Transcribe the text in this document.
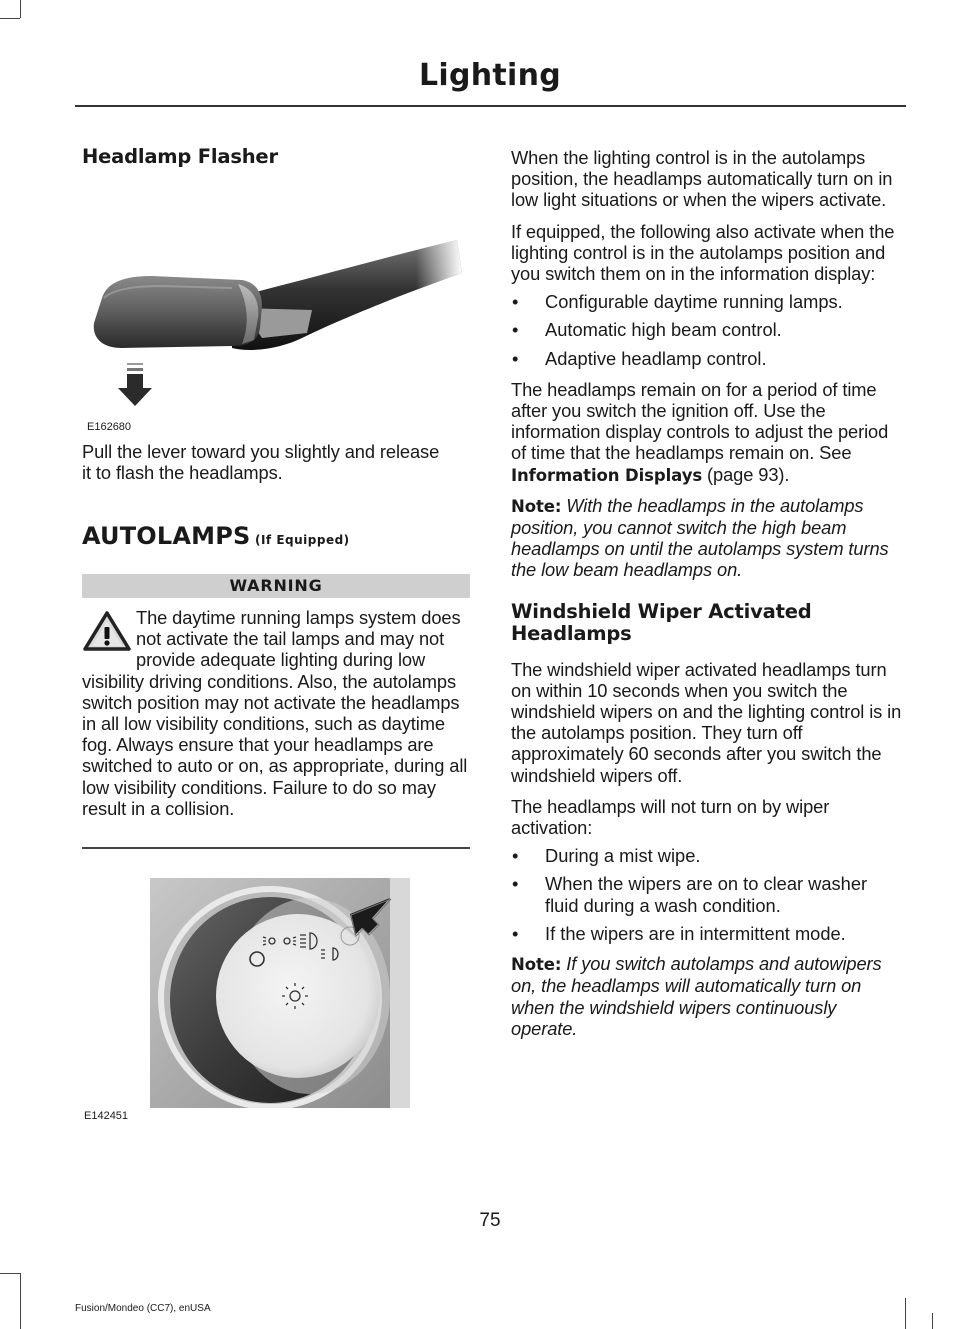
Lighting
Headlamp Flasher
E162680

Pull the lever toward you slightly and release it to flash the headlamps.

AUTOLAMPS (If Equipped)
WARNING

The daytime running lamps system does not activate the tail lamps and may not provide adequate lighting during low visibility driving conditions. Also, the autolamps switch position may not activate the headlamps in all low visibility conditions, such as daytime fog. Always ensure that your headlamps are switched to auto or on, as appropriate, during all low visibility conditions. Failure to do so may result in a collision.

E142451

When the lighting control is in the autolamps position, the headlamps automatically turn on in low light situations or when the wipers activate.

If equipped, the following also activate when the lighting control is in the autolamps position and you switch them on in the information display:

•	Configurable daytime running lamps.
•	Automatic high beam control.
•	Adaptive headlamp control.

The headlamps remain on for a period of time after you switch the ignition off. Use the information display controls to adjust the period of time that the headlamps remain on. See Information Displays (page 93).

Note: With the headlamps in the autolamps position, you cannot switch the high beam headlamps on until the autolamps system turns the low beam headlamps on.

Windshield Wiper Activated Headlamps

The windshield wiper activated headlamps turn on within 10 seconds when you switch the windshield wipers on and the lighting control is in the autolamps position. They turn off approximately 60 seconds after you switch the windshield wipers off.

The headlamps will not turn on by wiper activation:

•	During a mist wipe.
•	When the wipers are on to clear washer fluid during a wash condition.
•	If the wipers are in intermittent mode.

Note: If you switch autolamps and autowipers on, the headlamps will automatically turn on when the windshield wipers continuously operate.

75
Fusion/Mondeo (CC7), enUSA
